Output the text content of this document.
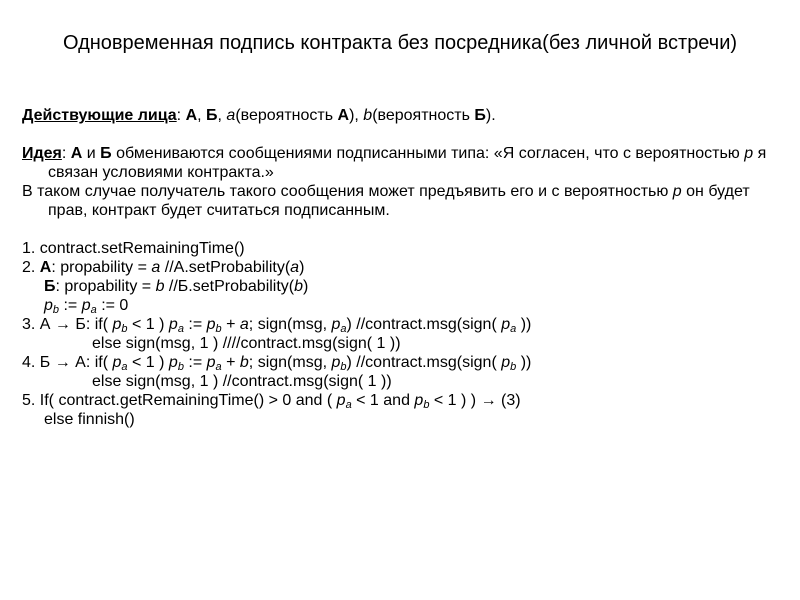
Одновременная подпись контракта без посредника(без личной встречи)

Действующие лица: А, Б, a(вероятность А), b(вероятность Б).

Идея: А и Б обмениваются сообщениями подписанными типа: «Я согласен, что с вероятностью p я связан условиями контракта.»

В таком случае получатель такого сообщения может предъявить его и с вероятностью p он будет прав, контракт будет считаться подписанным.

1. contract.setRemainingTime()

2. А: propability = a //A.setProbability(a)

Б: propability = b //Б.setProbability(b)

$p_b$ := $p_a$ := 0

3. А → Б: if( $p_b < 1$ ) $p_a$ := $p_b + a$; sign(msg, $p_a$) //contract.msg(sign( $p_a$ ))

else sign(msg, 1 ) ////contract.msg(sign( 1 ))

4. Б → А: if( $p_a < 1$ ) $p_b$ := $p_a + b$; sign(msg, $p_b$) //contract.msg(sign( $p_b$ ))

else sign(msg, 1 ) //contract.msg(sign( 1 ))

5. If( contract.getRemainingTime() > 0 and ( $p_a < 1$ and $p_b < 1$ ) ) → (3)

else finnish()
